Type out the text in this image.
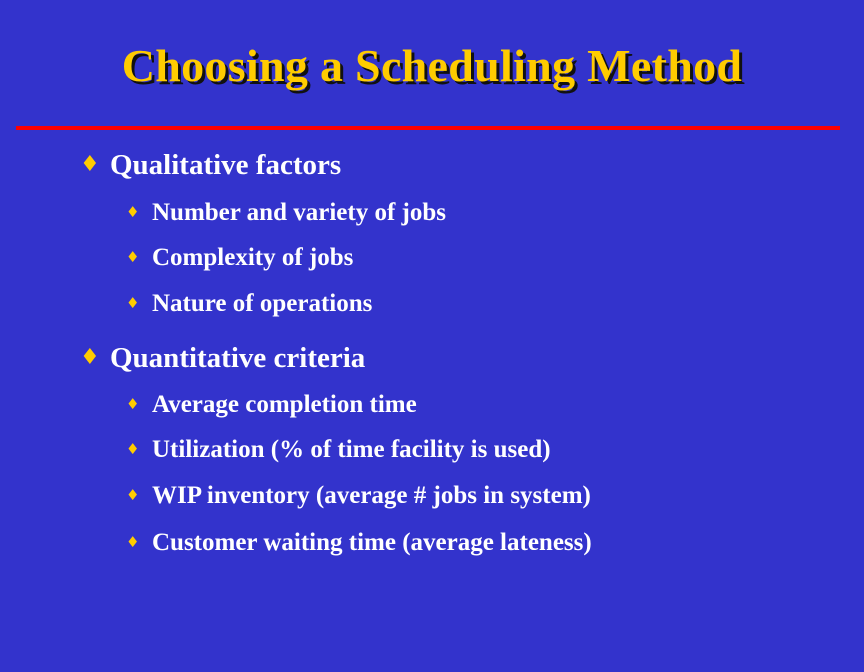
Choosing a Scheduling Method
♦ Qualitative factors
♦ Number and variety of jobs
♦ Complexity of jobs
♦ Nature of operations
♦ Quantitative criteria
♦ Average completion time
♦ Utilization (% of time facility is used)
♦ WIP inventory (average # jobs in system)
♦ Customer waiting time (average lateness)
